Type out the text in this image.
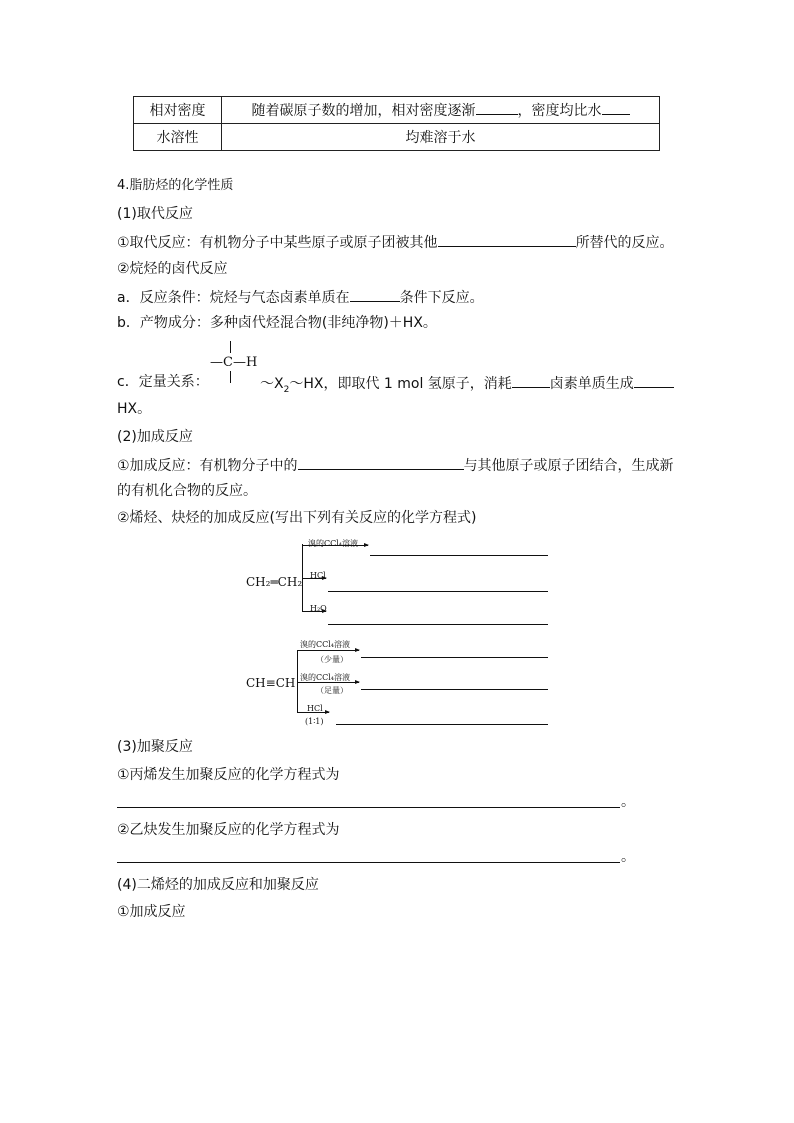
相对密度	随着碳原子数的增加，相对密度逐渐 ，密度均比水
水溶性	均难溶于水
4.脂肪烃的化学性质
(1)取代反应
①取代反应：有机物分子中某些原子或原子团被其他	所替代的反应。
②烷烃的卤代反应
a．反应条件：烷烃与气态卤素单质在	条件下反应。
b．产物成分：多种卤代烃混合物(非纯净物)＋HX。
—C—H
c．定量关系：	$\sim X_2\sim HX$，即取代 1 mol 氢原子，消耗	卤素单质生成
HX。
(2)加成反应
①加成反应：有机物分子中的	与其他原子或原子团结合，生成新
的有机化合物的反应。
②烯烃、炔烃的加成反应(写出下列有关反应的化学方程式)
CH₂═CH₂
溴的CCl₄溶液
HCl
H₂O
CH≡CH
溴的CCl₄溶液
（少量）
溴的CCl₄溶液
（足量）
HCl
(1∶1)
(3)加聚反应
①丙烯发生加聚反应的化学方程式为
。
②乙炔发生加聚反应的化学方程式为
。
(4)二烯烃的加成反应和加聚反应
①加成反应
